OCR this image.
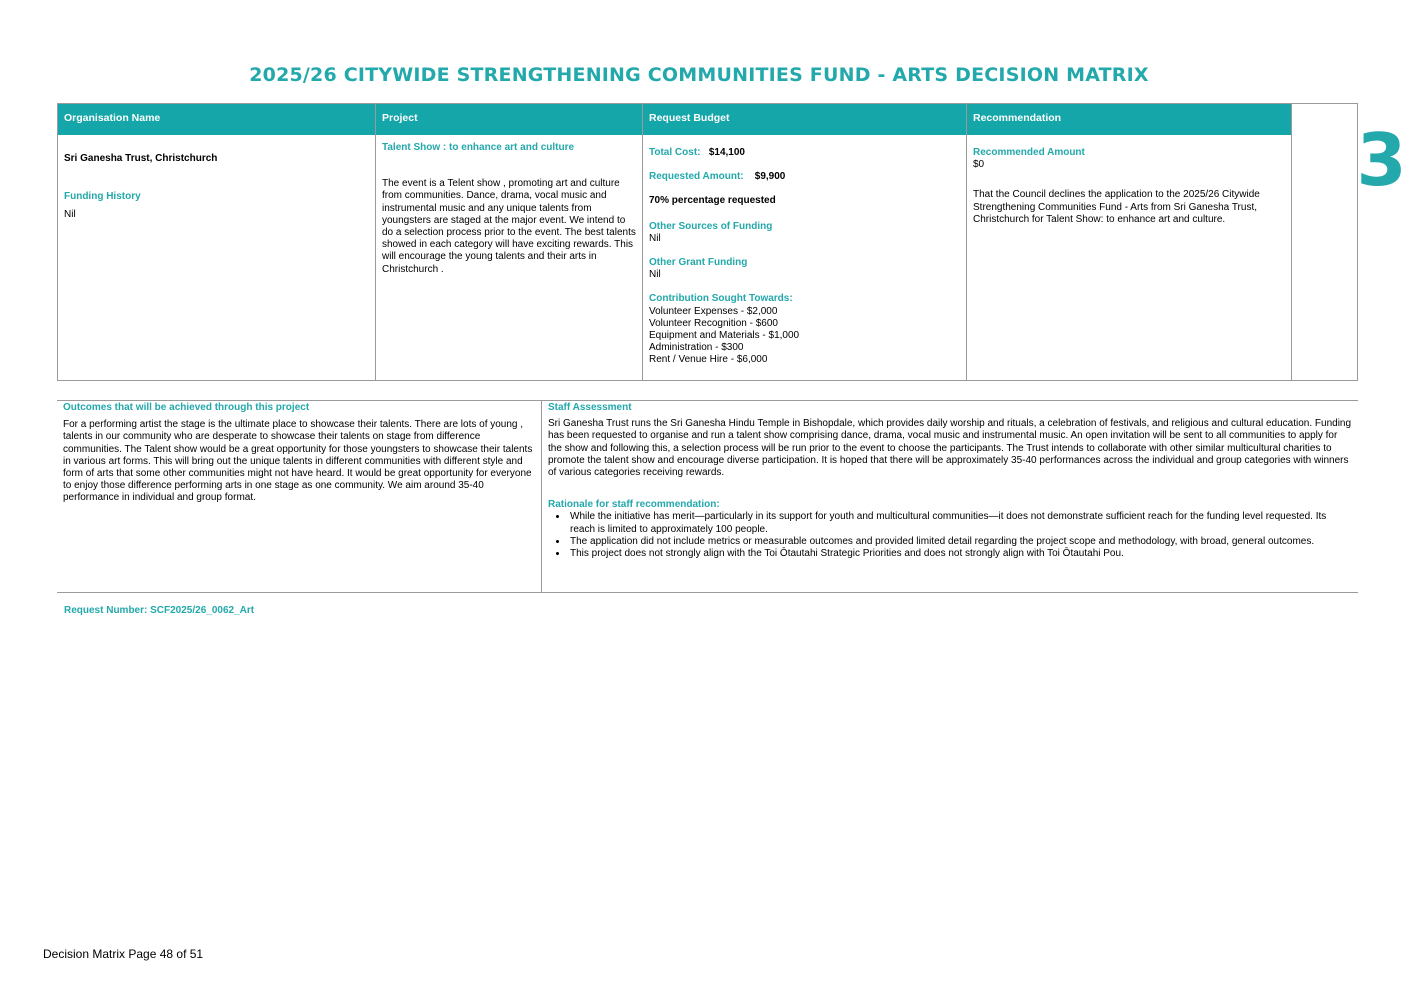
2025/26 CITYWIDE STRENGTHENING COMMUNITIES FUND - ARTS DECISION MATRIX
Organisation Name

Sri Ganesha Trust, Christchurch

Funding History

Nil

Project

Talent Show : to enhance art and culture

The event is a Telent show , promoting art and culture from communities. Dance, drama, vocal music and instrumental music and any unique talents from youngsters are staged at the major event. We intend to do a selection process prior to the event. The best talents showed in each category will have exciting rewards. This will encourage the young talents and their arts in Christchurch .

Request Budget

Total Cost: $14,100

Requested Amount: $9,900

70% percentage requested

Other Sources of Funding

Nil

Other Grant Funding

Nil

Contribution Sought Towards:

Volunteer Expenses - $2,000

Volunteer Recognition - $600

Equipment and Materials - $1,000

Administration - $300

Rent / Venue Hire - $6,000

Recommendation

Recommended Amount

$0

That the Council declines the application to the 2025/26 Citywide Strengthening Communities Fund - Arts from Sri Ganesha Trust, Christchurch for Talent Show: to enhance art and culture.

3

Outcomes that will be achieved through this project

For a performing artist the stage is the ultimate place to showcase their talents. There are lots of young , talents in our community who are desperate to showcase their talents on stage from difference communities. The Talent show would be a great opportunity for those youngsters to showcase their talents in various art forms. This will bring out the unique talents in different communities with different style and form of arts that some other communities might not have heard. It would be great opportunity for everyone to enjoy those difference performing arts in one stage as one community. We aim around 35-40 performance in individual and group format.

Staff Assessment

Sri Ganesha Trust runs the Sri Ganesha Hindu Temple in Bishopdale, which provides daily worship and rituals, a celebration of festivals, and religious and cultural education. Funding has been requested to organise and run a talent show comprising dance, drama, vocal music and instrumental music. An open invitation will be sent to all communities to apply for the show and following this, a selection process will be run prior to the event to choose the participants. The Trust intends to collaborate with other similar multicultural charities to promote the talent show and encourage diverse participation. It is hoped that there will be approximately 35-40 performances across the individual and group categories with winners of various categories receiving rewards.

Rationale for staff recommendation:

• While the initiative has merit—particularly in its support for youth and multicultural communities—it does not demonstrate sufficient reach for the funding level requested. Its reach is limited to approximately 100 people.
• The application did not include metrics or measurable outcomes and provided limited detail regarding the project scope and methodology, with broad, general outcomes.
• This project does not strongly align with the Toi Ōtautahi Strategic Priorities and does not strongly align with Toi Ōtautahi Pou.
Request Number: SCF2025/26_0062_Art
Decision Matrix Page 48 of 51
